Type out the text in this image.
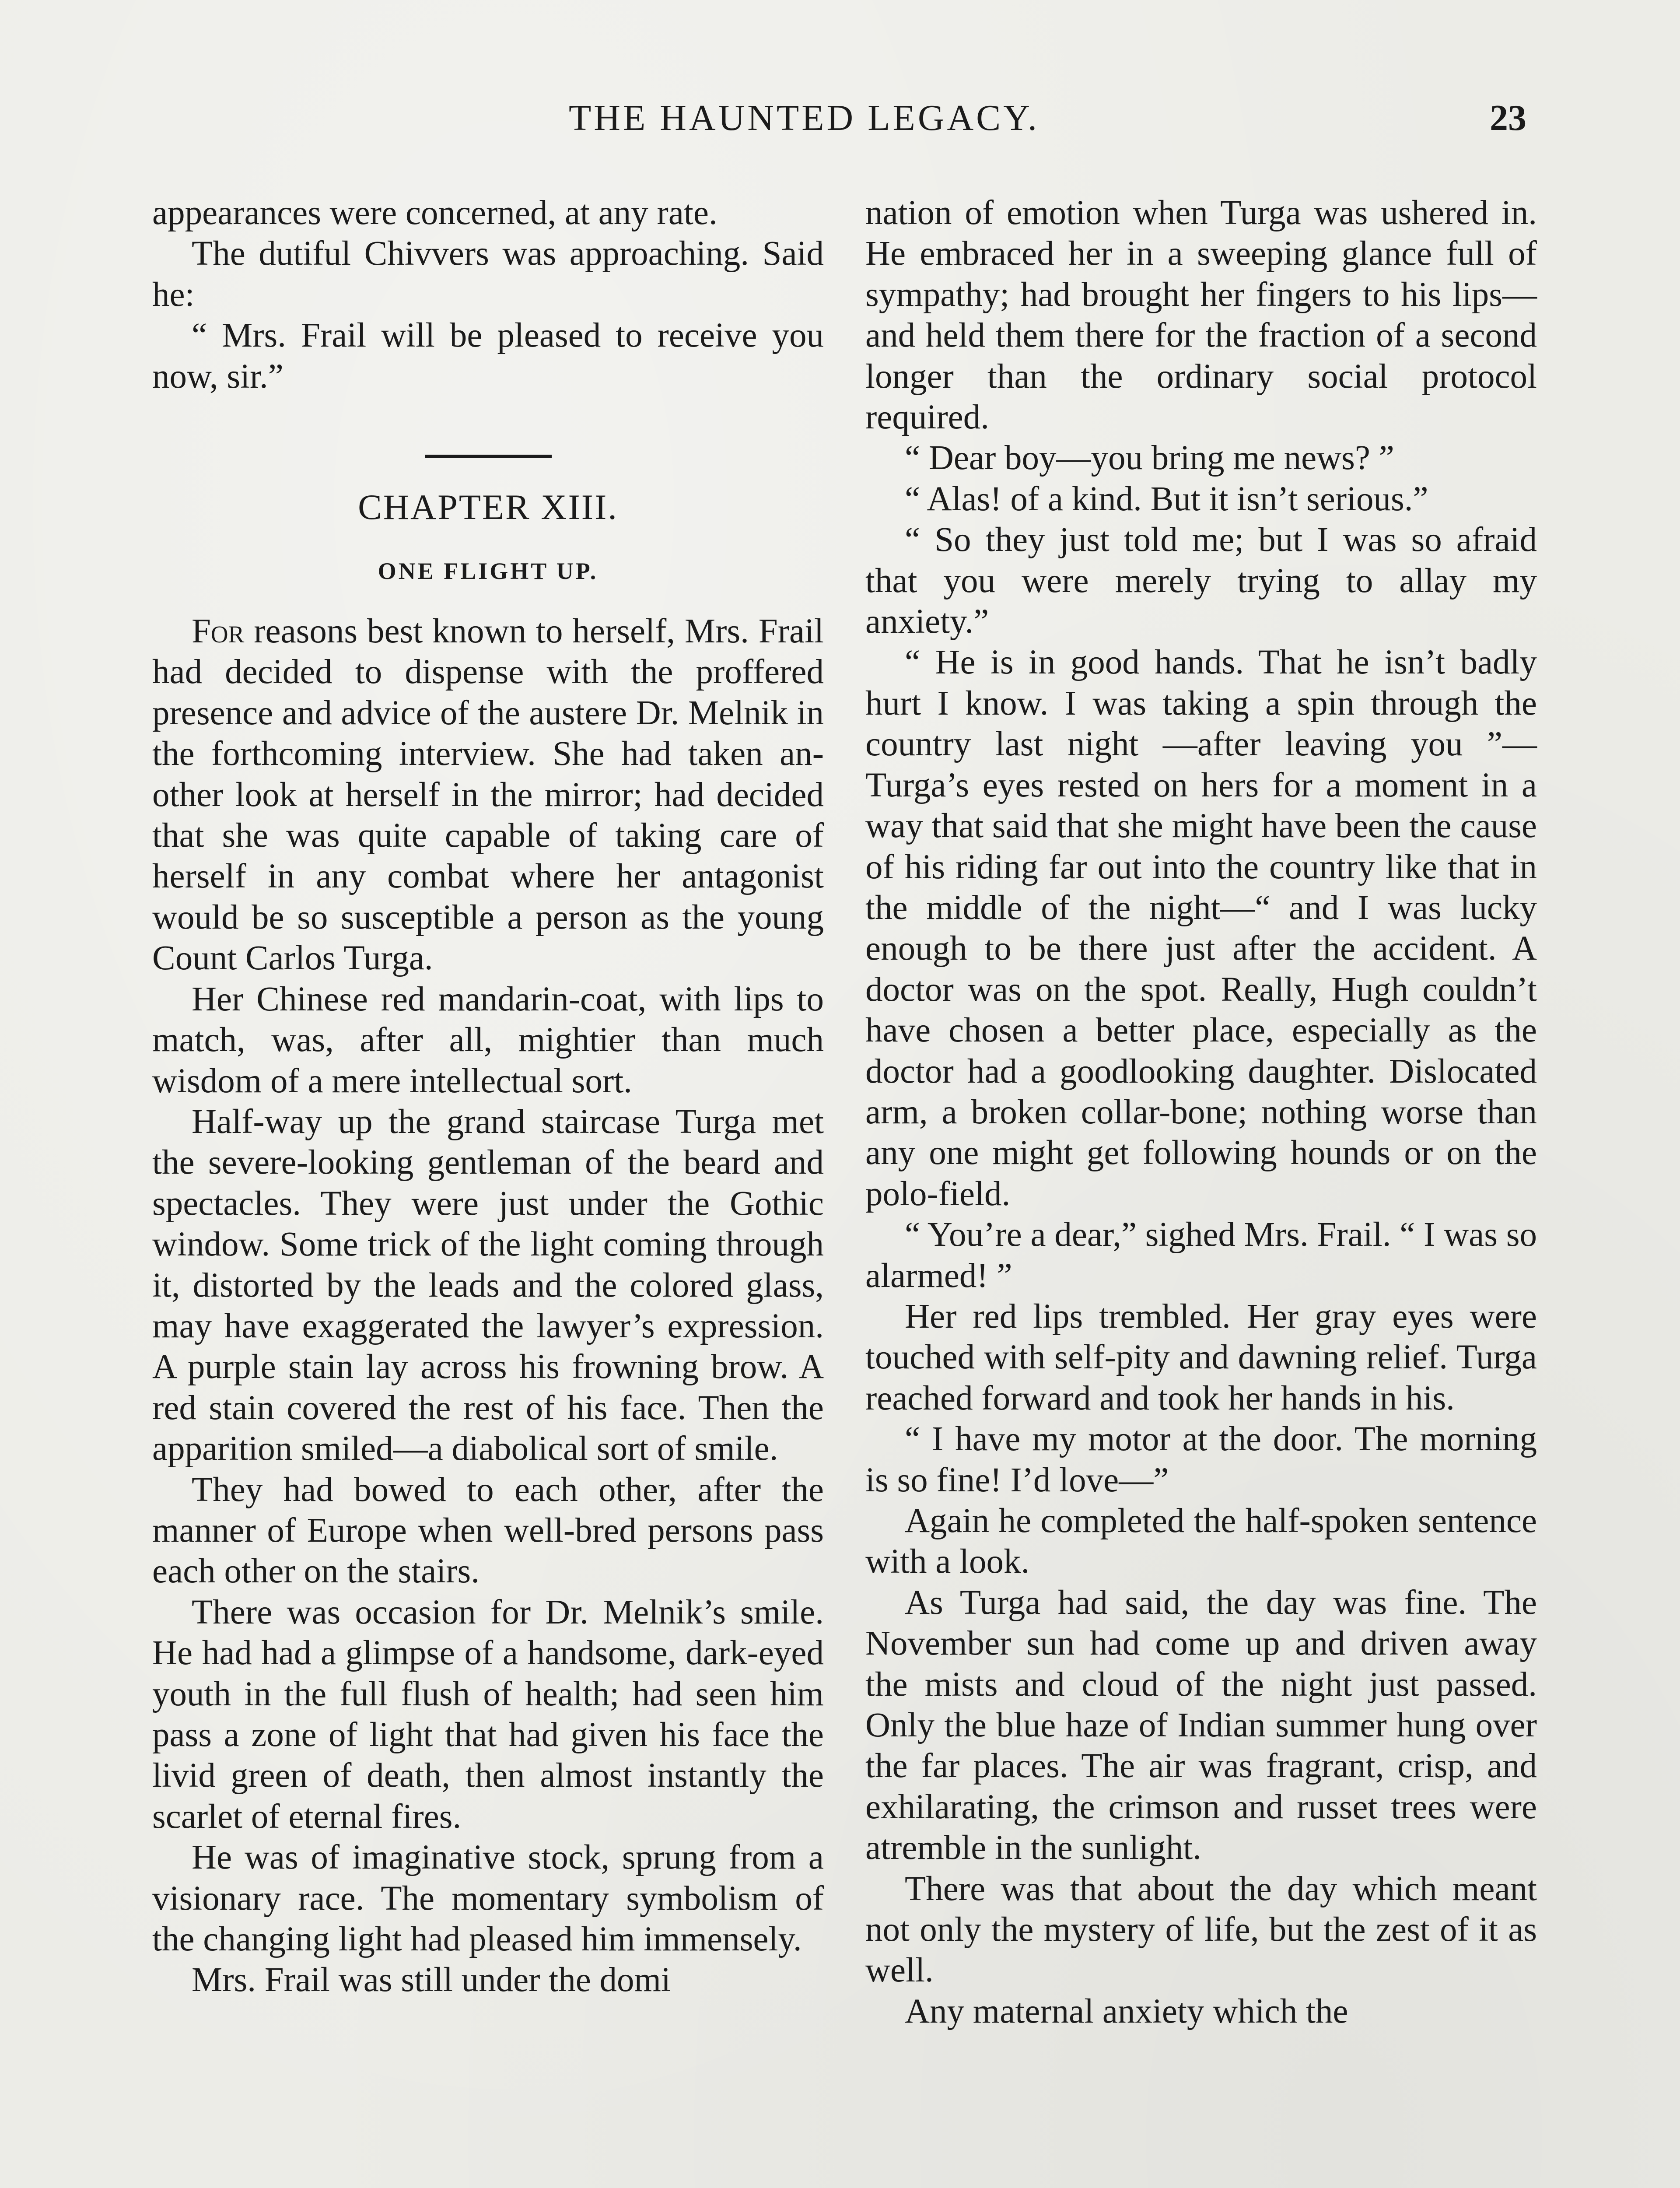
THE HAUNTED LEGACY.	23

appearances were concerned, at any rate.

The dutiful Chivvers was approaching. Said he:

“ Mrs. Frail will be pleased to receive you now, sir.”

CHAPTER XIII.
ONE FLIGHT UP.

For reasons best known to herself, Mrs. Frail had decided to dispense with the proffered presence and advice of the austere Dr. Melnik in the forthcoming interview. She had taken another look at herself in the mirror; had decided that she was quite capable of taking care of herself in any combat where her antagonist would be so susceptible a person as the young Count Carlos Turga.

Her Chinese red mandarin-coat, with lips to match, was, after all, mightier than much wisdom of a mere intellectual sort.

Half-way up the grand staircase Turga met the severe-looking gentleman of the beard and spectacles. They were just under the Gothic window. Some trick of the light coming through it, distorted by the leads and the colored glass, may have exaggerated the lawyer’s expression. A purple stain lay across his frowning brow. A red stain covered the rest of his face. Then the apparition smiled—a diabolical sort of smile.

They had bowed to each other, after the manner of Europe when well-bred persons pass each other on the stairs.

There was occasion for Dr. Melnik’s smile. He had had a glimpse of a handsome, dark-eyed youth in the full flush of health; had seen him pass a zone of light that had given his face the livid green of death, then almost instantly the scarlet of eternal fires.

He was of imaginative stock, sprung from a visionary race. The momentary symbolism of the changing light had pleased him immensely.

Mrs. Frail was still under the domi

nation of emotion when Turga was ushered in. He embraced her in a sweeping glance full of sympathy; had brought her fingers to his lips—and held them there for the fraction of a second longer than the ordinary social protocol required.

“ Dear boy—you bring me news? ”

“ Alas! of a kind. But it isn’t serious.”

“ So they just told me; but I was so afraid that you were merely trying to allay my anxiety.”

“ He is in good hands. That he isn’t badly hurt I know. I was taking a spin through the country last night —after leaving you ”—Turga’s eyes rested on hers for a moment in a way that said that she might have been the cause of his riding far out into the country like that in the middle of the night—“ and I was lucky enough to be there just after the accident. A doctor was on the spot. Really, Hugh couldn’t have chosen a better place, especially as the doctor had a goodlooking daughter. Dislocated arm, a broken collar-bone; nothing worse than any one might get following hounds or on the polo-field.

“ You’re a dear,” sighed Mrs. Frail. “ I was so alarmed! ”

Her red lips trembled. Her gray eyes were touched with self-pity and dawning relief. Turga reached forward and took her hands in his.

“ I have my motor at the door. The morning is so fine! I’d love—”

Again he completed the half-spoken sentence with a look.

As Turga had said, the day was fine. The November sun had come up and driven away the mists and cloud of the night just passed. Only the blue haze of Indian summer hung over the far places. The air was fragrant, crisp, and exhilarating, the crimson and russet trees were atremble in the sunlight.

There was that about the day which meant not only the mystery of life, but the zest of it as well.

Any maternal anxiety which the
